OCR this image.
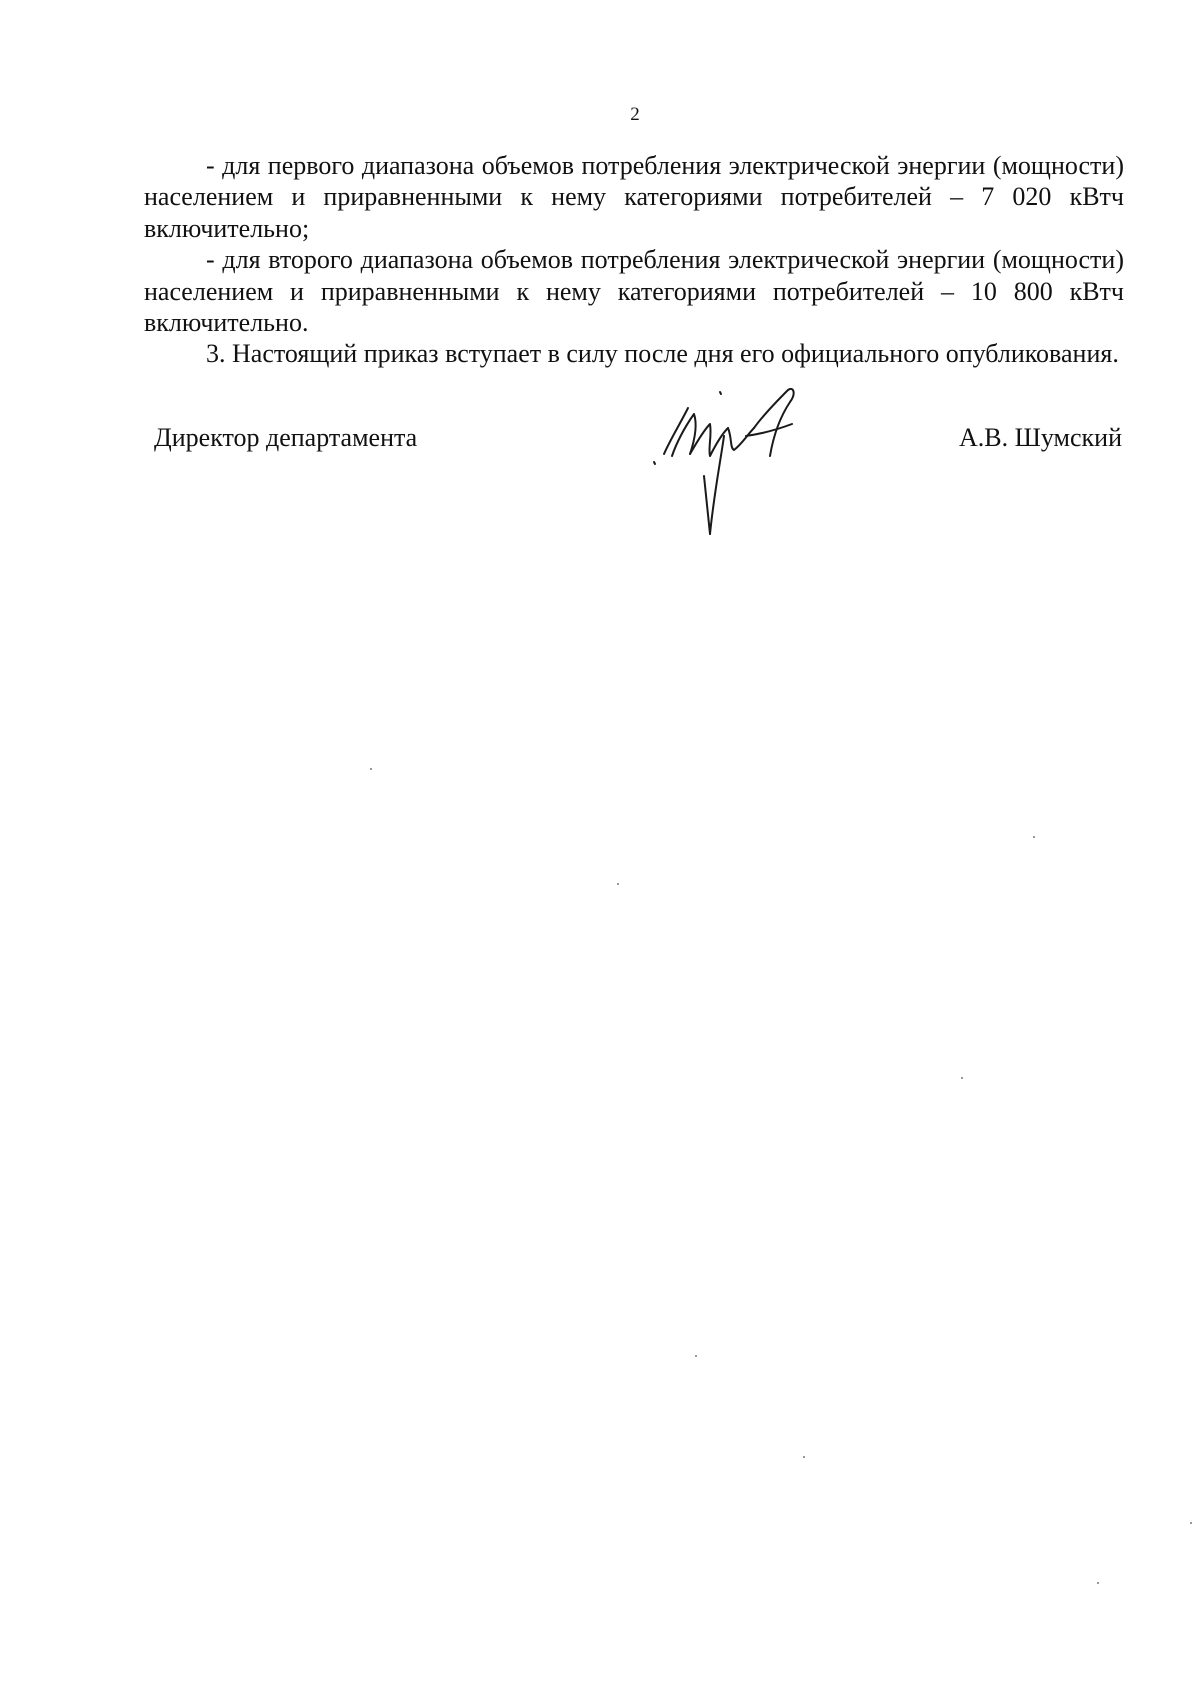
2

- для первого диапазона объемов потребления электрической энергии (мощности) населением и приравненными к нему категориями потребителей – 7 020 кВтч включительно;

- для второго диапазона объемов потребления электрической энергии (мощности) населением и приравненными к нему категориями потребителей – 10 800 кВтч включительно.

3. Настоящий приказ вступает в силу после дня его официального опубликования.

Директор департамента	А.В. Шумский
